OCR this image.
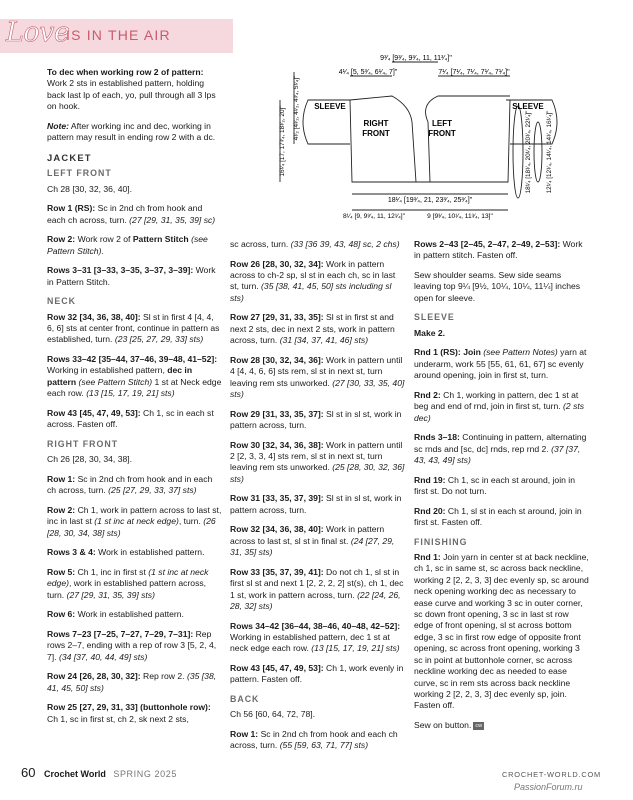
Love
IS IN THE AIR
9³⁄₄ [9³⁄₄, 9³⁄₄, 11, 11³⁄₄]"
4¹⁄₄ [5, 5³⁄₄, 6¹⁄₄, 7]"	7¹⁄₄ [7¹⁄₄, 7¹⁄₄, 7¹⁄₄, 7¹⁄₄]"
SLEEVE	SLEEVE
RIGHT
FRONT
LEFT
FRONT
4¹⁄₂ [4¹⁄₂, 4¹⁄₂, 4³⁄₄, 5¹⁄₄]"
16¹⁄₄ [17, 17³⁄₄, 18¹⁄₂, 20]"
18¹⁄₄ [19³⁄₄, 21, 23³⁄₄, 25³⁄₄]"
8¹⁄₄ [9, 9³⁄₄, 11, 12¹⁄₄]"	9 [9³⁄₄, 10¹⁄₄, 11³⁄₄, 13]"
18¹⁄₄ [18¹⁄₄, 20¹⁄₄, 20¹⁄₄, 22¹⁄₄]" 12¹⁄₄ [12¹⁄₄, 14¹⁄₄, 14¹⁄₄, 16¹⁄₄]"

To dec when working row 2 of pattern: Work 2 sts in established pattern, holding back last lp of each, yo, pull through all 3 lps on hook.

Note: After working inc and dec, working in pattern may result in ending row 2 with a dc.

JACKET
LEFT FRONT

Ch 28 [30, 32, 36, 40].

Row 1 (RS): Sc in 2nd ch from hook and each ch across, turn. (27 [29, 31, 35, 39] sc)

Row 2: Work row 2 of Pattern Stitch (see Pattern Stitch).

Rows 3–31 [3–33, 3–35, 3–37, 3–39]: Work in Pattern Stitch.

NECK

Row 32 [34, 36, 38, 40]: Sl st in first 4 [4, 4, 6, 6] sts at center front, continue in pattern as established, turn. (23 [25, 27, 29, 33] sts)

Rows 33–42 [35–44, 37–46, 39–48, 41–52]: Working in established pattern, dec in pattern (see Pattern Stitch) 1 st at Neck edge each row. (13 [15, 17, 19, 21] sts)

Row 43 [45, 47, 49, 53]: Ch 1, sc in each st across. Fasten off.

RIGHT FRONT

Ch 26 [28, 30, 34, 38].

Row 1: Sc in 2nd ch from hook and in each ch across, turn. (25 [27, 29, 33, 37] sts)

Row 2: Ch 1, work in pattern across to last st, inc in last st (1 st inc at neck edge), turn. (26 [28, 30, 34, 38] sts)

Rows 3 & 4: Work in established pattern.

Row 5: Ch 1, inc in first st (1 st inc at neck edge), work in established pattern across, turn. (27 [29, 31, 35, 39] sts)

Row 6: Work in established pattern.

Rows 7–23 [7–25, 7–27, 7–29, 7–31]: Rep rows 2–7, ending with a rep of row 3 [5, 2, 4, 7]. (34 [37, 40, 44, 49] sts)

Row 24 [26, 28, 30, 32]: Rep row 2. (35 [38, 41, 45, 50] sts)

Row 25 [27, 29, 31, 33] (buttonhole row): Ch 1, sc in first st, ch 2, sk next 2 sts,

sc across, turn. (33 [36 39, 43, 48] sc, 2 chs)

Row 26 [28, 30, 32, 34]: Work in pattern across to ch-2 sp, sl st in each ch, sc in last st, turn. (35 [38, 41, 45, 50] sts including sl sts)

Row 27 [29, 31, 33, 35]: Sl st in first st and next 2 sts, dec in next 2 sts, work in pattern across, turn. (31 [34, 37, 41, 46] sts)

Row 28 [30, 32, 34, 36]: Work in pattern until 4 [4, 4, 6, 6] sts rem, sl st in next st, turn leaving rem sts unworked. (27 [30, 33, 35, 40] sts)

Row 29 [31, 33, 35, 37]: Sl st in sl st, work in pattern across, turn.

Row 30 [32, 34, 36, 38]: Work in pattern until 2 [2, 3, 3, 4] sts rem, sl st in next st, turn leaving rem sts unworked. (25 [28, 30, 32, 36] sts)

Row 31 [33, 35, 37, 39]: Sl st in sl st, work in pattern across, turn.

Row 32 [34, 36, 38, 40]: Work in pattern across to last st, sl st in final st. (24 [27, 29, 31, 35] sts)

Row 33 [35, 37, 39, 41]: Do not ch 1, sl st in first sl st and next 1 [2, 2, 2, 2] st(s), ch 1, dec 1 st, work in pattern across, turn. (22 [24, 26, 28, 32] sts)

Rows 34–42 [36–44, 38–46, 40–48, 42–52]: Working in established pattern, dec 1 st at neck edge each row. (13 [15, 17, 19, 21] sts)

Row 43 [45, 47, 49, 53]: Ch 1, work evenly in pattern. Fasten off.

BACK

Ch 56 [60, 64, 72, 78].

Row 1: Sc in 2nd ch from hook and each ch across, turn. (55 [59, 63, 71, 77] sts)

Rows 2–43 [2–45, 2–47, 2–49, 2–53]: Work in pattern stitch. Fasten off.

Sew shoulder seams. Sew side seams leaving top 9¼ [9½, 10¼, 10¼, 11¼] inches open for sleeve.

SLEEVE

Make 2.

Rnd 1 (RS): Join (see Pattern Notes) yarn at underarm, work 55 [55, 61, 61, 67] sc evenly around opening, join in first st, turn.

Rnd 2: Ch 1, working in pattern, dec 1 st at beg and end of rnd, join in first st, turn. (2 sts dec)

Rnds 3–18: Continuing in pattern, alternating sc rnds and [sc, dc] rnds, rep rnd 2. (37 [37, 43, 43, 49] sts)

Rnd 19: Ch 1, sc in each st around, join in first st. Do not turn.

Rnd 20: Ch 1, sl st in each st around, join in first st. Fasten off.

FINISHING

Rnd 1: Join yarn in center st at back neckline, ch 1, sc in same st, sc across back neckline, working 2 [2, 2, 3, 3] dec evenly sp, sc around neck opening working dec as necessary to ease curve and working 3 sc in outer corner, sc down front opening, 3 sc in last st row edge of front opening, sl st across bottom edge, 3 sc in first row edge of opposite front opening, sc across front opening, working 3 sc in point at buttonhole corner, sc across neckline working dec as needed to ease curve, sc in rem sts across back neckline working 2 [2, 2, 3, 3] dec evenly sp, join. Fasten off.

Sew on button. cw

60 Crochet World SPRING 2025	CROCHET-WORLD.COM
PassionForum.ru
